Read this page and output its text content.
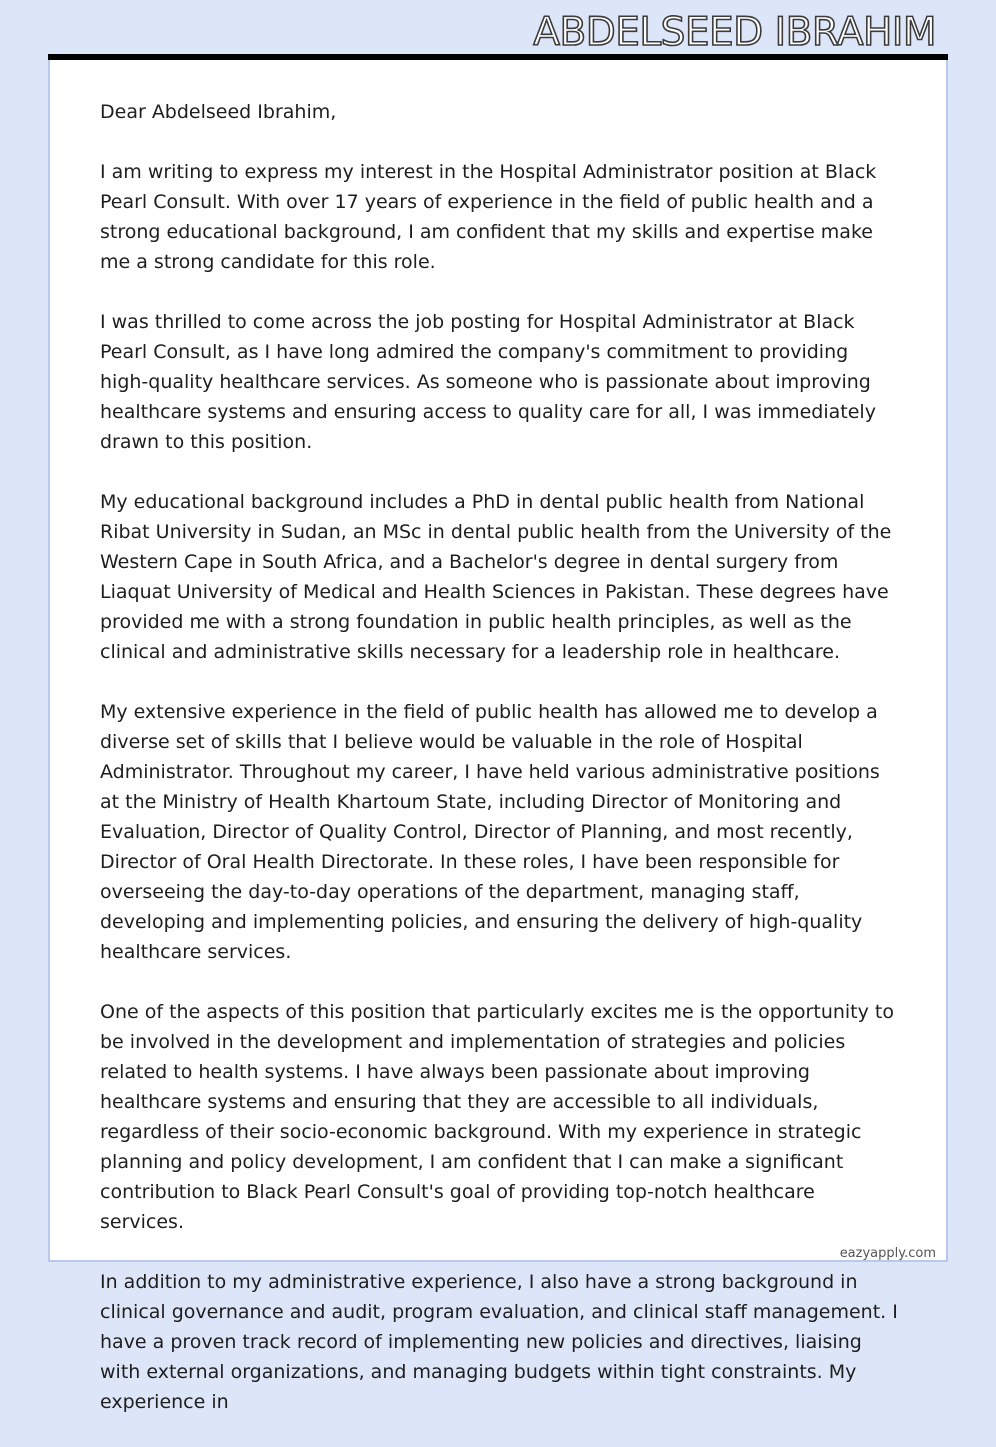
ABDELSEED IBRAHIM

Dear Abdelseed Ibrahim,

I am writing to express my interest in the Hospital Administrator position at Black Pearl Consult. With over 17 years of experience in the field of public health and a strong educational background, I am confident that my skills and expertise make me a strong candidate for this role.

I was thrilled to come across the job posting for Hospital Administrator at Black Pearl Consult, as I have long admired the company's commitment to providing high-quality healthcare services. As someone who is passionate about improving healthcare systems and ensuring access to quality care for all, I was immediately drawn to this position.

My educational background includes a PhD in dental public health from National Ribat University in Sudan, an MSc in dental public health from the University of the Western Cape in South Africa, and a Bachelor's degree in dental surgery from Liaquat University of Medical and Health Sciences in Pakistan. These degrees have provided me with a strong foundation in public health principles, as well as the clinical and administrative skills necessary for a leadership role in healthcare.

My extensive experience in the field of public health has allowed me to develop a diverse set of skills that I believe would be valuable in the role of Hospital Administrator. Throughout my career, I have held various administrative positions at the Ministry of Health Khartoum State, including Director of Monitoring and Evaluation, Director of Quality Control, Director of Planning, and most recently, Director of Oral Health Directorate. In these roles, I have been responsible for overseeing the day-to-day operations of the department, managing staff, developing and implementing policies, and ensuring the delivery of high-quality healthcare services.

One of the aspects of this position that particularly excites me is the opportunity to be involved in the development and implementation of strategies and policies related to health systems. I have always been passionate about improving healthcare systems and ensuring that they are accessible to all individuals, regardless of their socio-economic background. With my experience in strategic planning and policy development, I am confident that I can make a significant contribution to Black Pearl Consult's goal of providing top-notch healthcare services.

In addition to my administrative experience, I also have a strong background in clinical governance and audit, program evaluation, and clinical staff management. I have a proven track record of implementing new policies and directives, liaising with external organizations, and managing budgets within tight constraints. My experience in

eazyapply.com
